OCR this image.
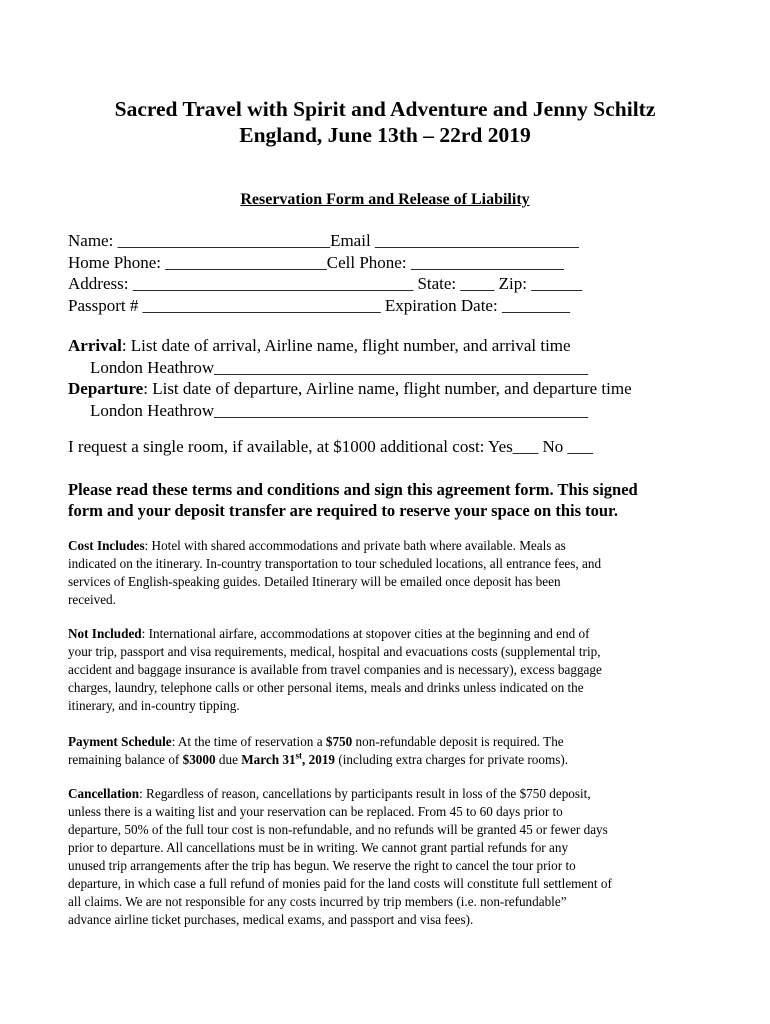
Sacred Travel with Spirit and Adventure and Jenny Schiltz
England, June 13th – 22rd 2019
Reservation Form and Release of Liability
Name: _________________________Email ________________________
Home Phone: ___________________Cell Phone: __________________
Address: _________________________________ State: ____ Zip: ______
Passport # ____________________________ Expiration Date: ________
Arrival: List date of arrival, Airline name, flight number, and arrival time
London Heathrow____________________________________________
Departure: List date of departure, Airline name, flight number, and departure time
London Heathrow____________________________________________
I request a single room, if available, at $1000 additional cost: Yes___ No ___
Please read these terms and conditions and sign this agreement form. This signed
form and your deposit transfer are required to reserve your space on this tour.
Cost Includes: Hotel with shared accommodations and private bath where available. Meals as
indicated on the itinerary. In-country transportation to tour scheduled locations, all entrance fees, and
services of English-speaking guides. Detailed Itinerary will be emailed once deposit has been
received.
Not Included: International airfare, accommodations at stopover cities at the beginning and end of
your trip, passport and visa requirements, medical, hospital and evacuations costs (supplemental trip,
accident and baggage insurance is available from travel companies and is necessary), excess baggage
charges, laundry, telephone calls or other personal items, meals and drinks unless indicated on the
itinerary, and in-country tipping.
Payment Schedule: At the time of reservation a $750 non-refundable deposit is required. The
remaining balance of $3000 due March 31st, 2019 (including extra charges for private rooms).
Cancellation: Regardless of reason, cancellations by participants result in loss of the $750 deposit,
unless there is a waiting list and your reservation can be replaced. From 45 to 60 days prior to
departure, 50% of the full tour cost is non-refundable, and no refunds will be granted 45 or fewer days
prior to departure. All cancellations must be in writing. We cannot grant partial refunds for any
unused trip arrangements after the trip has begun. We reserve the right to cancel the tour prior to
departure, in which case a full refund of monies paid for the land costs will constitute full settlement of
all claims. We are not responsible for any costs incurred by trip members (i.e. non-refundable”
advance airline ticket purchases, medical exams, and passport and visa fees).
